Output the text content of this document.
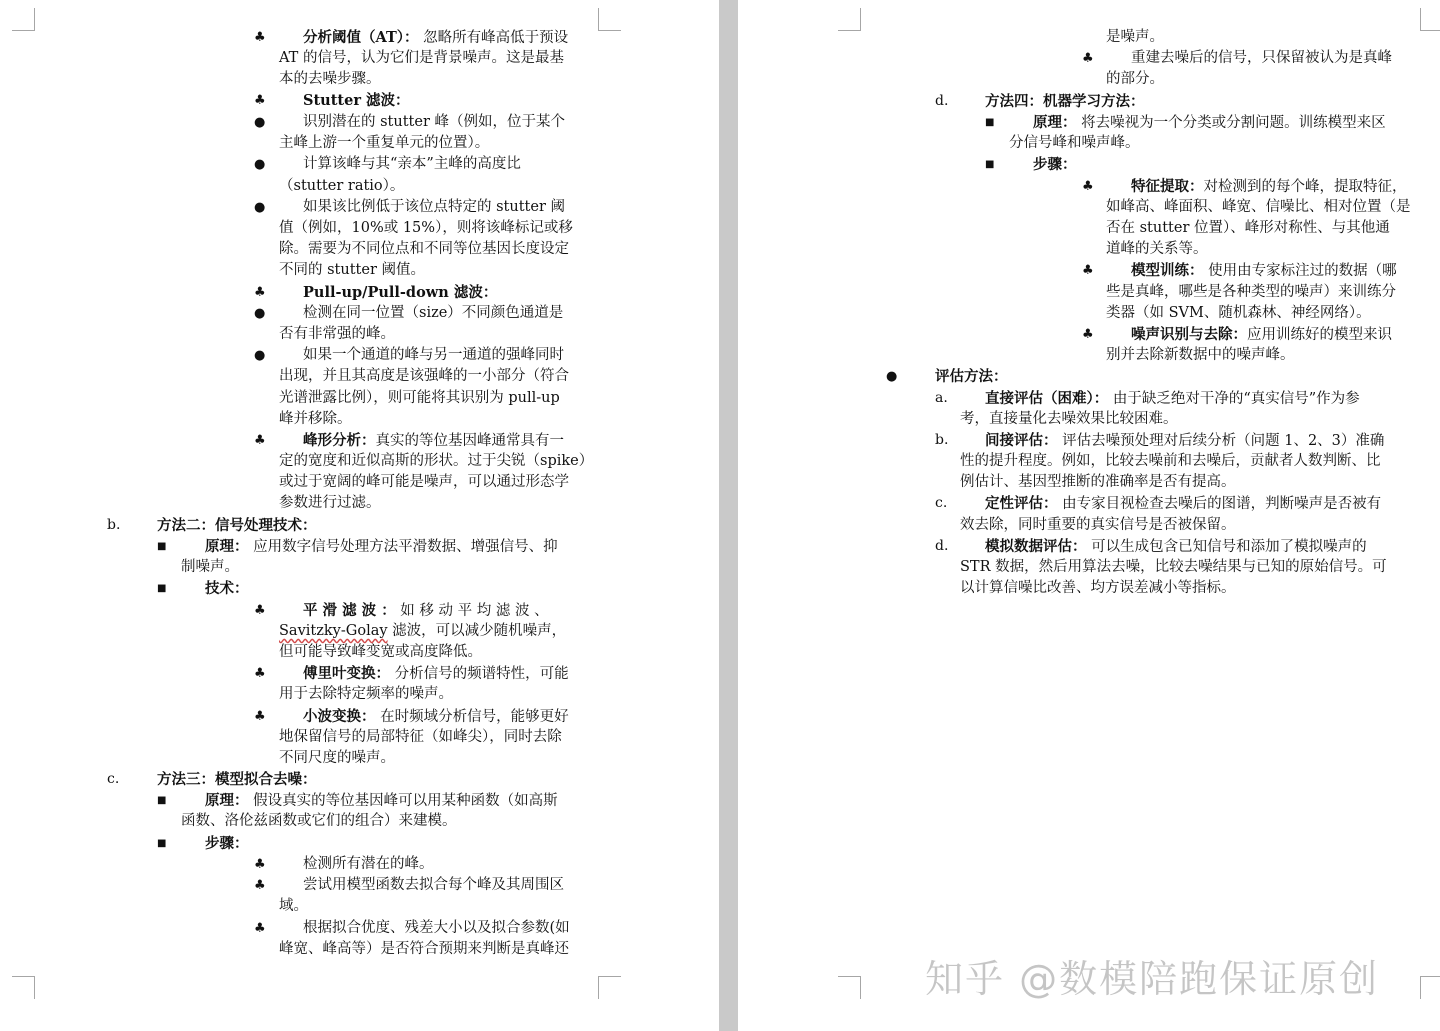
♣	分析阈值（AT）： 忽略所有峰高低于预设
AT 的信号，认为它们是背景噪声。这是最基
本的去噪步骤。
♣	Stutter 滤波：
●	识别潜在的 stutter 峰（例如，位于某个
主峰上游一个重复单元的位置）。
●	计算该峰与其“亲本”主峰的高度比
（stutter ratio）。
●	如果该比例低于该位点特定的 stutter 阈
值（例如，10%或 15%），则将该峰标记或移
除。需要为不同位点和不同等位基因长度设定
不同的 stutter 阈值。
♣	Pull-up/Pull-down 滤波：
●	检测在同一位置（size）不同颜色通道是
否有非常强的峰。
●	如果一个通道的峰与另一通道的强峰同时
出现，并且其高度是该强峰的一小部分（符合
光谱泄露比例），则可能将其识别为 pull-up
峰并移除。
♣	峰形分析：真实的等位基因峰通常具有一
定的宽度和近似高斯的形状。过于尖锐（spike）
或过于宽阔的峰可能是噪声，可以通过形态学
参数进行过滤。
b.	方法二：信号处理技术：
■	原理： 应用数字信号处理方法平滑数据、增强信号、抑
制噪声。
■	技术：
♣	平 滑 滤 波 ： 如 移 动 平 均 滤 波 、
Savitzky-Golay 滤波，可以减少随机噪声，
但可能导致峰变宽或高度降低。
♣	傅里叶变换： 分析信号的频谱特性，可能
用于去除特定频率的噪声。
♣	小波变换： 在时频域分析信号，能够更好
地保留信号的局部特征（如峰尖），同时去除
不同尺度的噪声。
c.	方法三：模型拟合去噪：
■	原理： 假设真实的等位基因峰可以用某种函数（如高斯
函数、洛伦兹函数或它们的组合）来建模。
■	步骤：
♣	检测所有潜在的峰。
♣	尝试用模型函数去拟合每个峰及其周围区
域。
♣	根据拟合优度、残差大小以及拟合参数(如
峰宽、峰高等）是否符合预期来判断是真峰还
是噪声。
♣	重建去噪后的信号，只保留被认为是真峰
的部分。
d.	方法四：机器学习方法：
■	原理： 将去噪视为一个分类或分割问题。训练模型来区
分信号峰和噪声峰。
■	步骤：
♣	特征提取：对检测到的每个峰，提取特征，
如峰高、峰面积、峰宽、信噪比、相对位置（是
否在 stutter 位置）、峰形对称性、与其他通
道峰的关系等。
♣	模型训练： 使用由专家标注过的数据（哪
些是真峰，哪些是各种类型的噪声）来训练分
类器（如 SVM、随机森林、神经网络）。
♣	噪声识别与去除：应用训练好的模型来识
别并去除新数据中的噪声峰。
●	评估方法：
a.	直接评估（困难）： 由于缺乏绝对干净的“真实信号”作为参
考，直接量化去噪效果比较困难。
b.	间接评估： 评估去噪预处理对后续分析（问题 1、2、3）准确
性的提升程度。例如，比较去噪前和去噪后，贡献者人数判断、比
例估计、基因型推断的准确率是否有提高。
c.	定性评估： 由专家目视检查去噪后的图谱，判断噪声是否被有
效去除，同时重要的真实信号是否被保留。
d.	模拟数据评估： 可以生成包含已知信号和添加了模拟噪声的
STR 数据，然后用算法去噪，比较去噪结果与已知的原始信号。可
以计算信噪比改善、均方误差减小等指标。
知乎 @数模陪跑保证原创
